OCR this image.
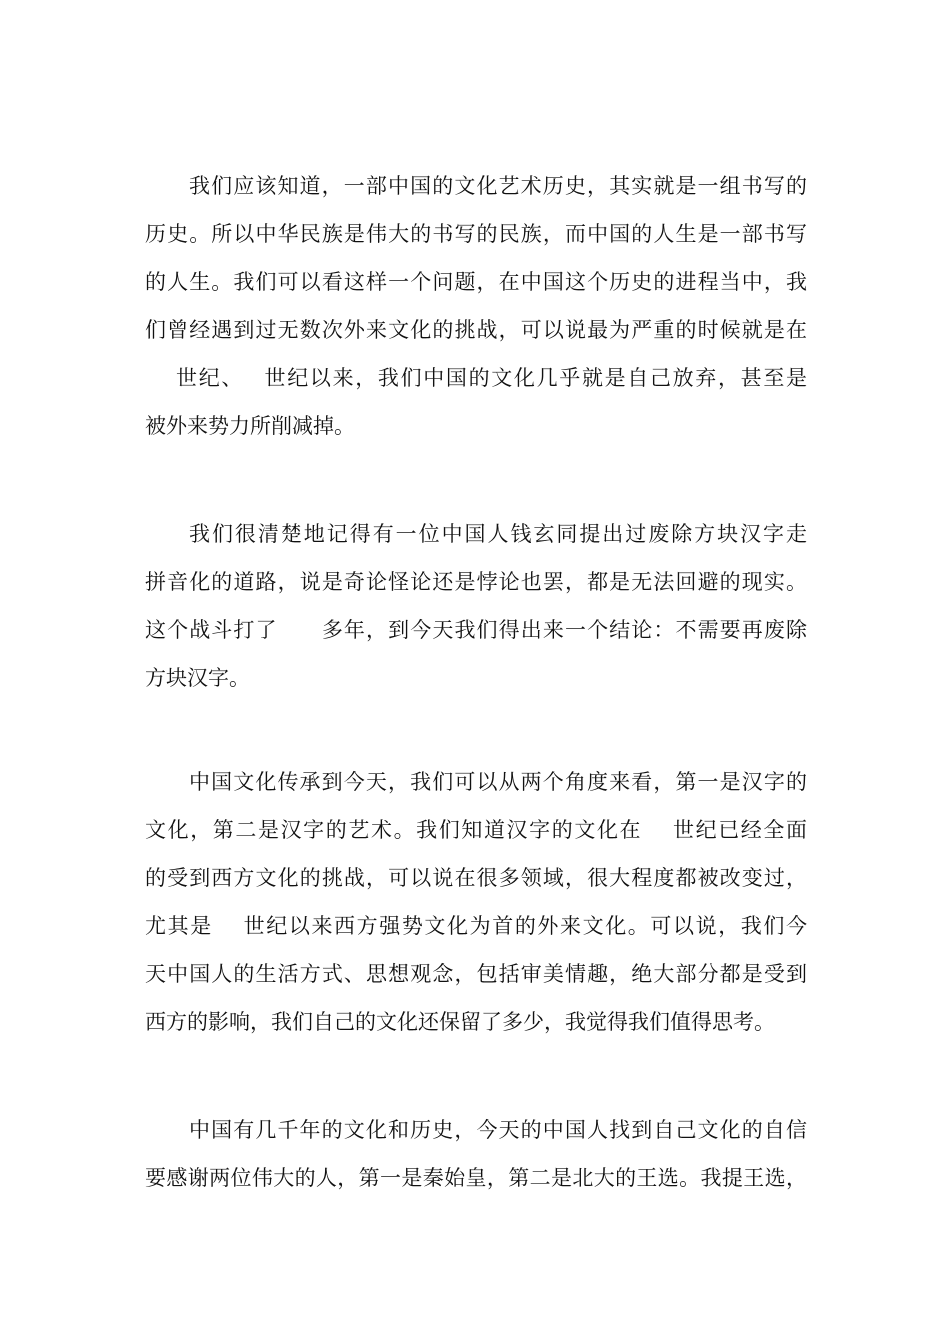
我们应该知道，一部中国的文化艺术历史，其实就是一组书写的
历史。所以中华民族是伟大的书写的民族，而中国的人生是一部书写
的人生。我们可以看这样一个问题，在中国这个历史的进程当中，我
们曾经遇到过无数次外来文化的挑战，可以说最为严重的时候就是在
　 世纪、　 世纪以来，我们中国的文化几乎就是自己放弃，甚至是
被外来势力所削减掉。
我们很清楚地记得有一位中国人钱玄同提出过废除方块汉字走
拼音化的道路，说是奇论怪论还是悖论也罢，都是无法回避的现实。
这个战斗打了　　多年，到今天我们得出来一个结论：不需要再废除
方块汉字。
中国文化传承到今天，我们可以从两个角度来看，第一是汉字的
文化，第二是汉字的艺术。我们知道汉字的文化在　 世纪已经全面
的受到西方文化的挑战，可以说在很多领域，很大程度都被改变过，
尤其是　 世纪以来西方强势文化为首的外来文化。可以说，我们今
天中国人的生活方式、思想观念，包括审美情趣，绝大部分都是受到
西方的影响，我们自己的文化还保留了多少，我觉得我们值得思考。
中国有几千年的文化和历史，今天的中国人找到自己文化的自信
要感谢两位伟大的人，第一是秦始皇，第二是北大的王选。我提王选，
